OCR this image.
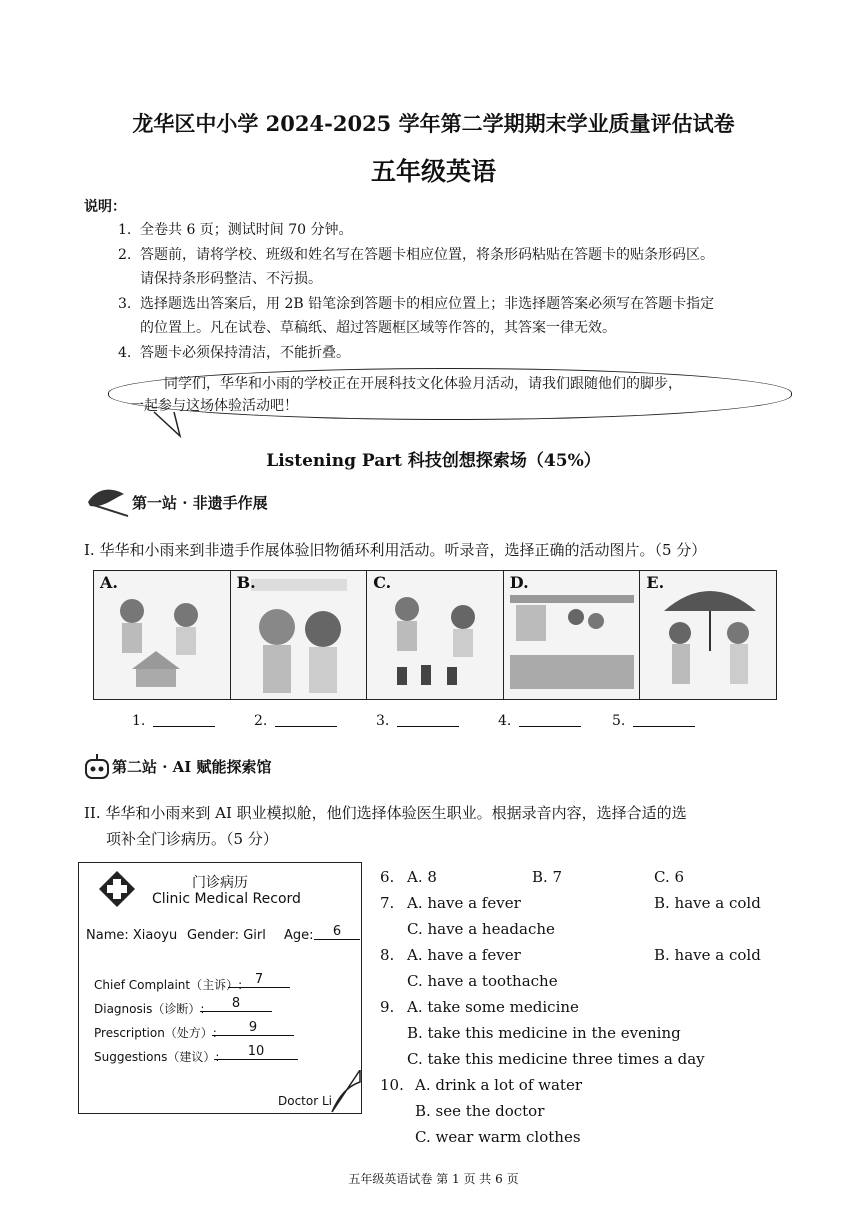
龙华区中小学 2024-2025 学年第二学期期末学业质量评估试卷
五年级英语
说明：
1. 全卷共 6 页；测试时间 70 分钟。
2. 答题前，请将学校、班级和姓名写在答题卡相应位置，将条形码粘贴在答题卡的贴条形码区。
请保持条形码整洁、不污损。
3. 选择题选出答案后，用 2B 铅笔涂到答题卡的相应位置上；非选择题答案必须写在答题卡指定
的位置上。凡在试卷、草稿纸、超过答题框区域等作答的，其答案一律无效。
4. 答题卡必须保持清洁，不能折叠。
同学们，华华和小雨的学校正在开展科技文化体验月活动，请我们跟随他们的脚步，
一起参与这场体验活动吧！
Listening Part 科技创想探索场（45%）
第一站 · 非遗手作展
I. 华华和小雨来到非遗手作展体验旧物循环利用活动。听录音，选择正确的活动图片。（5 分）
A.	B.	C.	D.	E.
1.	2.	3.	4.	5.
第二站 · AI 赋能探索馆
II. 华华和小雨来到 AI 职业模拟舱，他们选择体验医生职业。根据录音内容，选择合适的选
项补全门诊病历。（5 分）
门诊病历
Clinic Medical Record
Name: Xiaoyu Gender: Girl Age:	6
Chief Complaint（主诉）: 7
Diagnosis（诊断）:	8
Prescription（处方）:	9
Suggestions（建议）:	10
Doctor Li
6. A. 8	B. 7	C. 6
7. A. have a fever	B. have a cold
C. have a headache
8. A. have a fever	B. have a cold
C. have a toothache
9. A. take some medicine
B. take this medicine in the evening
C. take this medicine three times a day
10. A. drink a lot of water
B. see the doctor
C. wear warm clothes
五年级英语试卷 第 1 页 共 6 页
